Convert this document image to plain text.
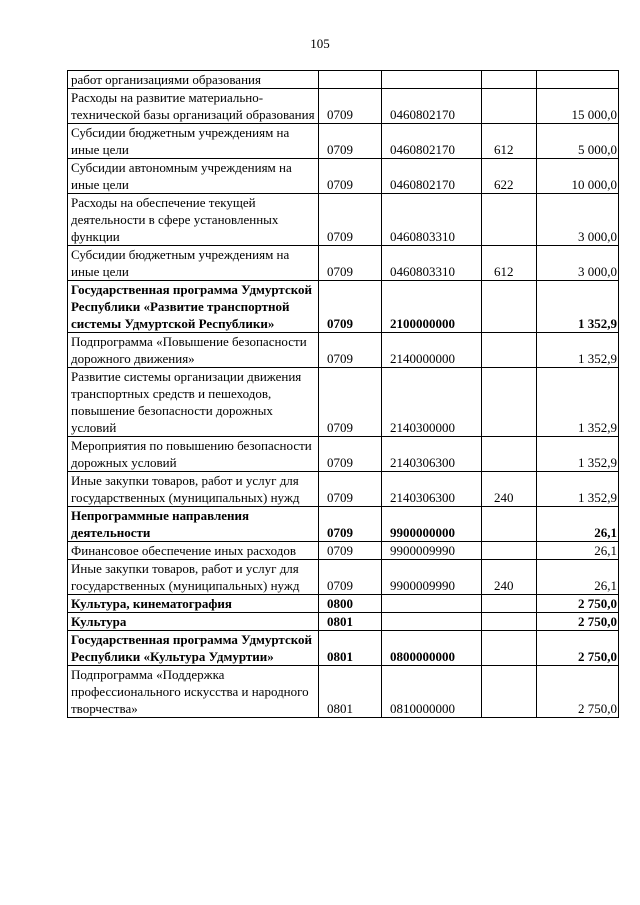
105
работ организациями образования				
Расходы на развитие материально-технической базы организаций образования	0709	0460802170		15 000,0
Субсидии бюджетным учреждениям на иные цели	0709	0460802170	612	5 000,0
Субсидии автономным учреждениям на иные цели	0709	0460802170	622	10 000,0
Расходы на обеспечение текущей деятельности в сфере установленных функции	0709	0460803310		3 000,0
Субсидии бюджетным учреждениям на иные цели	0709	0460803310	612	3 000,0
Государственная программа Удмуртской Республики «Развитие транспортной системы Удмуртской Республики»	0709	2100000000		1 352,9
Подпрограмма «Повышение безопасности дорожного движения»	0709	2140000000		1 352,9
Развитие системы организации движения транспортных средств и пешеходов, повышение безопасности дорожных условий	0709	2140300000		1 352,9
Мероприятия по повышению безопасности дорожных условий	0709	2140306300		1 352,9
Иные закупки товаров, работ и услуг для государственных (муниципальных) нужд	0709	2140306300	240	1 352,9
Непрограммные направления деятельности	0709	9900000000		26,1
Финансовое обеспечение иных расходов	0709	9900009990		26,1
Иные закупки товаров, работ и услуг для государственных (муниципальных) нужд	0709	9900009990	240	26,1
Культура, кинематография	0800			2 750,0
Культура	0801			2 750,0
Государственная программа Удмуртской Республики «Культура Удмуртии»	0801	0800000000		2 750,0
Подпрограмма «Поддержка профессионального искусства и народного творчества»	0801	0810000000		2 750,0
